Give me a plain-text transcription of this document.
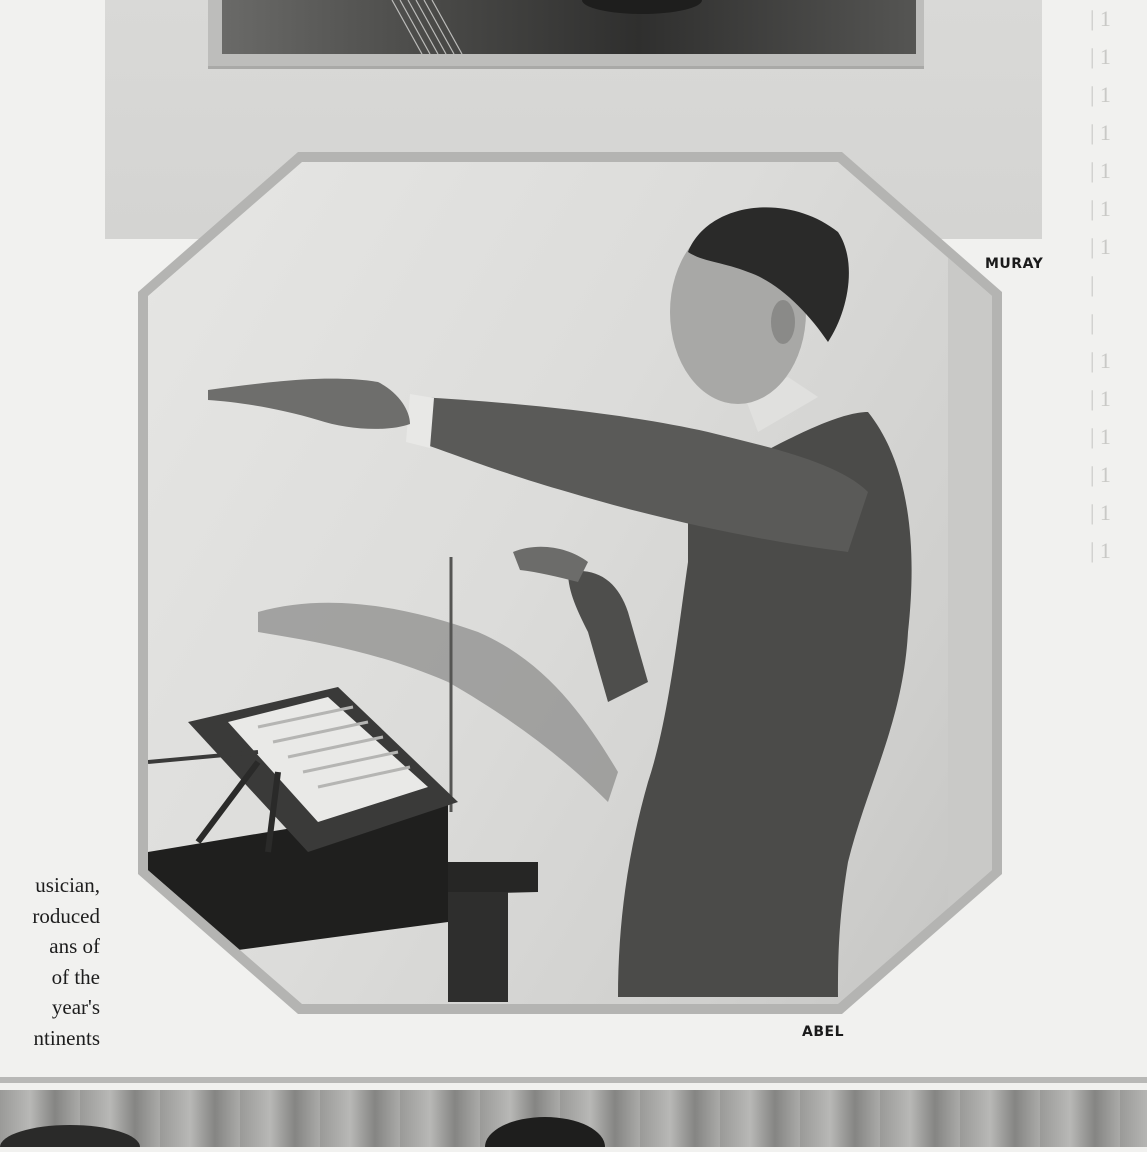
| 1
| 1
| 1
| 1
| 1
| 1
| 1
|
|
| 1
| 1
| 1
| 1
| 1
| 1
MURAY
usician,
roduced
ans of
of the
year's
ntinents	ABEL
